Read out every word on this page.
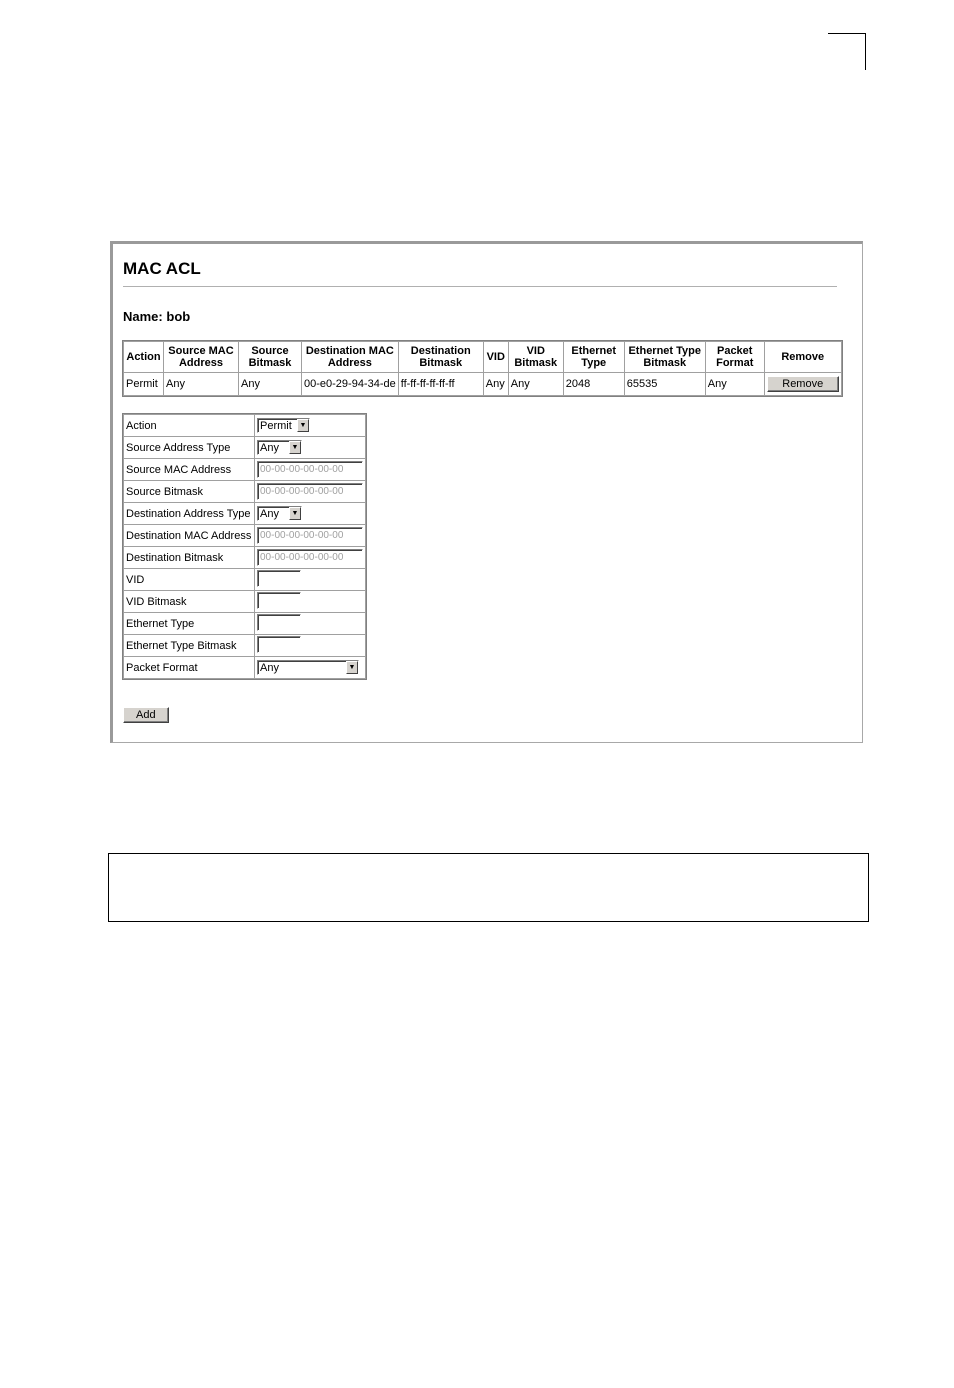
MAC ACL
Name: bob
Action	Source MAC Address	Source Bitmask	Destination MAC Address	Destination Bitmask	VID	VID Bitmask	Ethernet Type	Ethernet Type Bitmask	Packet Format	Remove
Permit	Any	Any	00-e0-29-94-34-de	ff-ff-ff-ff-ff-ff	Any	Any	2048	65535	Any	Remove
Action	Permit ▼

Source Address Type	Any ▼

Source MAC Address	00-00-00-00-00-00
Source Bitmask	00-00-00-00-00-00
Destination Address Type	Any ▼

Destination MAC Address	00-00-00-00-00-00
Destination Bitmask	00-00-00-00-00-00
VID	
VID Bitmask	
Ethernet Type	
Ethernet Type Bitmask	
Packet Format	Any ▼
Add
